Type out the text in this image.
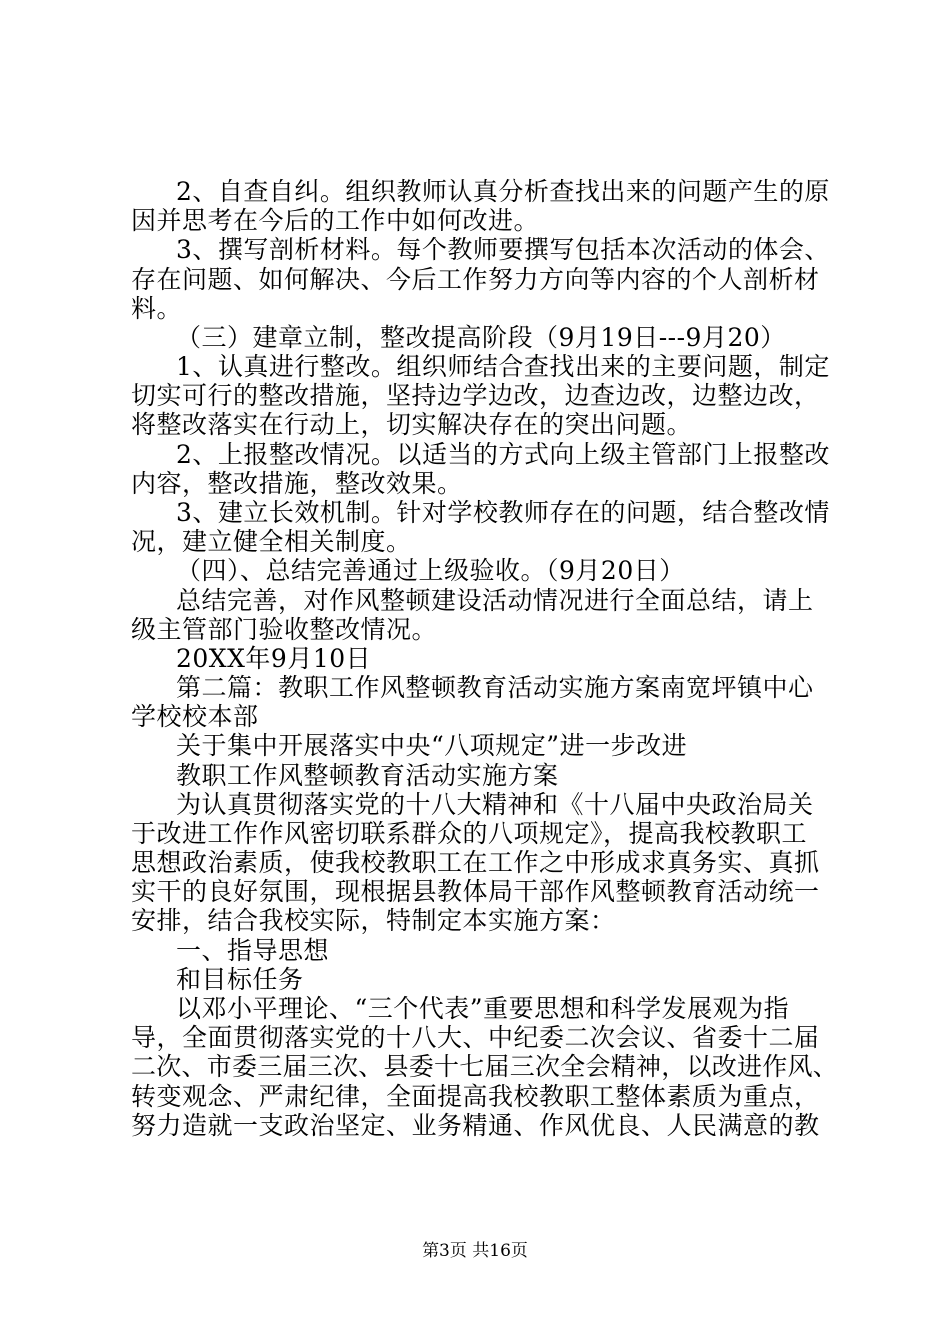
2、自查自纠。组织教师认真分析查找出来的问题产生的原
因并思考在今后的工作中如何改进。
3、撰写剖析材料。每个教师要撰写包括本次活动的体会、
存在问题、如何解决、今后工作努力方向等内容的个人剖析材
料。
（三）建章立制，整改提高阶段（9月19日---9月20）
1、认真进行整改。组织师结合查找出来的主要问题，制定
切实可行的整改措施，坚持边学边改，边查边改，边整边改，
将整改落实在行动上，切实解决存在的突出问题。
2、上报整改情况。以适当的方式向上级主管部门上报整改
内容，整改措施，整改效果。
3、建立长效机制。针对学校教师存在的问题，结合整改情
况，建立健全相关制度。
（四）、总结完善通过上级验收。（9月20日）
总结完善，对作风整顿建设活动情况进行全面总结，请上
级主管部门验收整改情况。
20XX年9月10日
第二篇：教职工作风整顿教育活动实施方案南宽坪镇中心
学校校本部
关于集中开展落实中央“八项规定”进一步改进
教职工作风整顿教育活动实施方案
为认真贯彻落实党的十八大精神和《十八届中央政治局关
于改进工作作风密切联系群众的八项规定》，提高我校教职工
思想政治素质，使我校教职工在工作之中形成求真务实、真抓
实干的良好氛围，现根据县教体局干部作风整顿教育活动统一
安排，结合我校实际，特制定本实施方案：
一、指导思想
和目标任务
以邓小平理论、“三个代表”重要思想和科学发展观为指
导，全面贯彻落实党的十八大、中纪委二次会议、省委十二届
二次、市委三届三次、县委十七届三次全会精神，以改进作风、
转变观念、严肃纪律，全面提高我校教职工整体素质为重点，
努力造就一支政治坚定、业务精通、作风优良、人民满意的教
第3页 共16页
